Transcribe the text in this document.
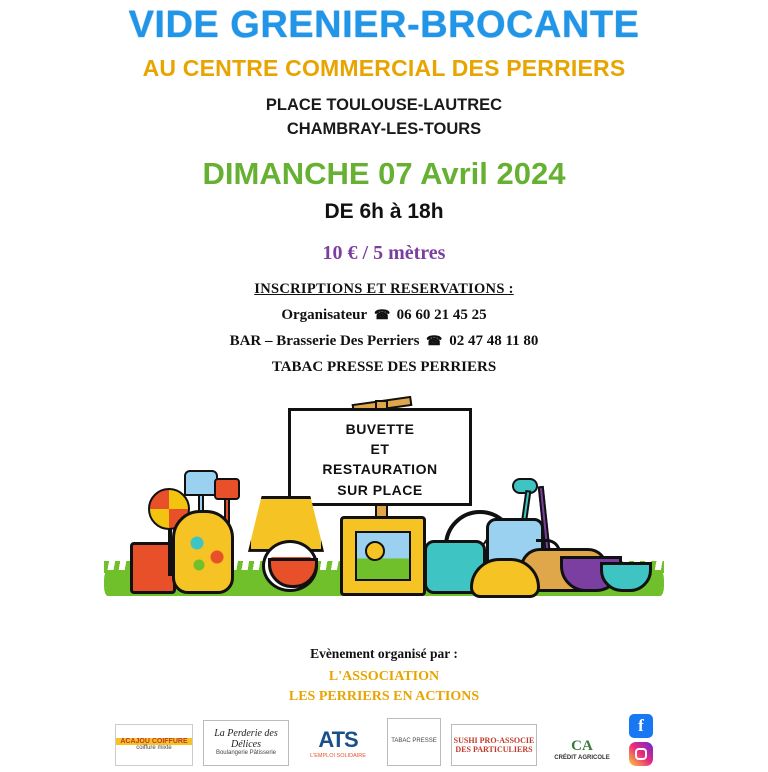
VIDE GRENIER-BROCANTE
AU CENTRE COMMERCIAL DES PERRIERS
PLACE TOULOUSE-LAUTREC
CHAMBRAY-LES-TOURS
DIMANCHE 07 Avril 2024
DE 6h à 18h
10 € / 5 mètres
INSCRIPTIONS ET RESERVATIONS :
Organisateur ☎ 06 60 21 45 25
BAR – Brasserie Des Perriers ☎ 02 47 48 11 80
TABAC PRESSE DES PERRIERS
BUVETTE
ET
RESTAURATION
SUR PLACE
Evènement organisé par :
L'ASSOCIATION
LES PERRIERS EN ACTIONS
ACAJOU COIFFURE
coiffure mixte
La Perderie des Délices
Boulangerie Pâtisserie
ATS
L'EMPLOI SOLIDAIRE
TABAC PRESSE SUSHI PRO-ASSOCIE DES PARTICULIERS	CA
CRÉDIT AGRICOLE
f
